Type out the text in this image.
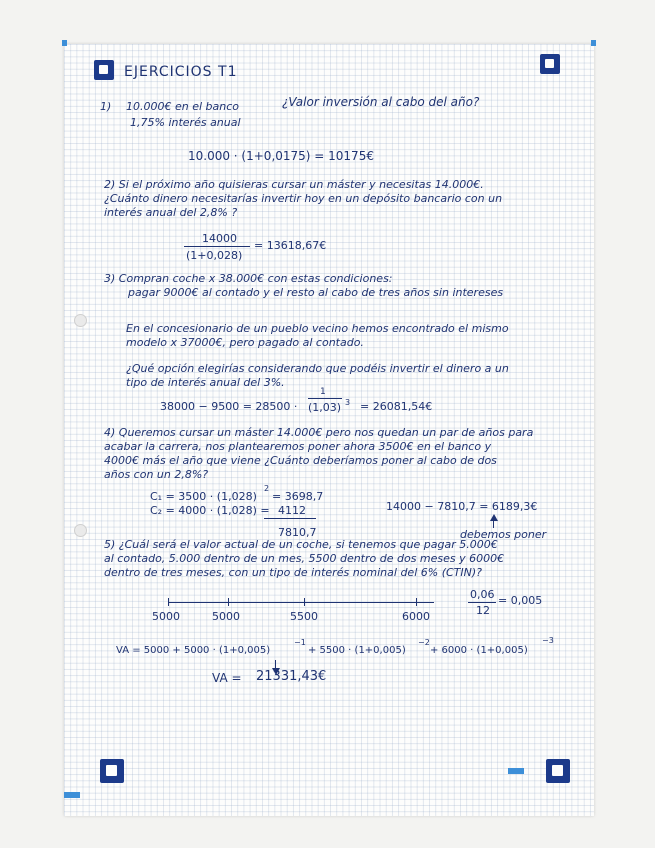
EJERCICIOS T1
1) 10.000€ en el banco
1,75% interés anual
¿Valor inversión al cabo del año?
10.000 · (1+0,0175) = 10175€
2) Si el próximo año quisieras cursar un máster y necesitas 14.000€.
¿Cuánto dinero necesitarías invertir hoy en un depósito bancario con un
interés anual del 2,8% ?
14000
(1+0,028)
= 13618,67€
3) Compran coche x 38.000€ con estas condiciones:
pagar 9000€ al contado y el resto al cabo de tres años sin intereses
En el concesionario de un pueblo vecino hemos encontrado el mismo
modelo x 37000€, pero pagado al contado.
¿Qué opción elegirías considerando que podéis invertir el dinero a un
tipo de interés anual del 3%.
38000 − 9500 = 28500 ·
1
(1,03) 3 = 26081,54€
4) Queremos cursar un máster 14.000€ pero nos quedan un par de años para
acabar la carrera, nos plantearemos poner ahora 3500€ en el banco y
4000€ más el año que viene ¿Cuánto deberíamos poner al cabo de dos
años con un 2,8%?
C₁ = 3500 · (1,028)
2
= 3698,7
C₂ = 4000 · (1,028) = 4112
7810,7
14000 − 7810,7 = 6189,3€
debemos poner
5) ¿Cuál será el valor actual de un coche, si tenemos que pagar 5.000€
al contado, 5.000 dentro de un mes, 5500 dentro de dos meses y 6000€
dentro de tres meses, con un tipo de interés nominal del 6% (CTIN)?
5000	5000	5500	6000
0,06
12
= 0,005
VA = 5000 + 5000 · (1+0,005)
−1
+ 5500 · (1+0,005)
−2
+ 6000 · (1+0,005)
−3
VA = 21331,43€
